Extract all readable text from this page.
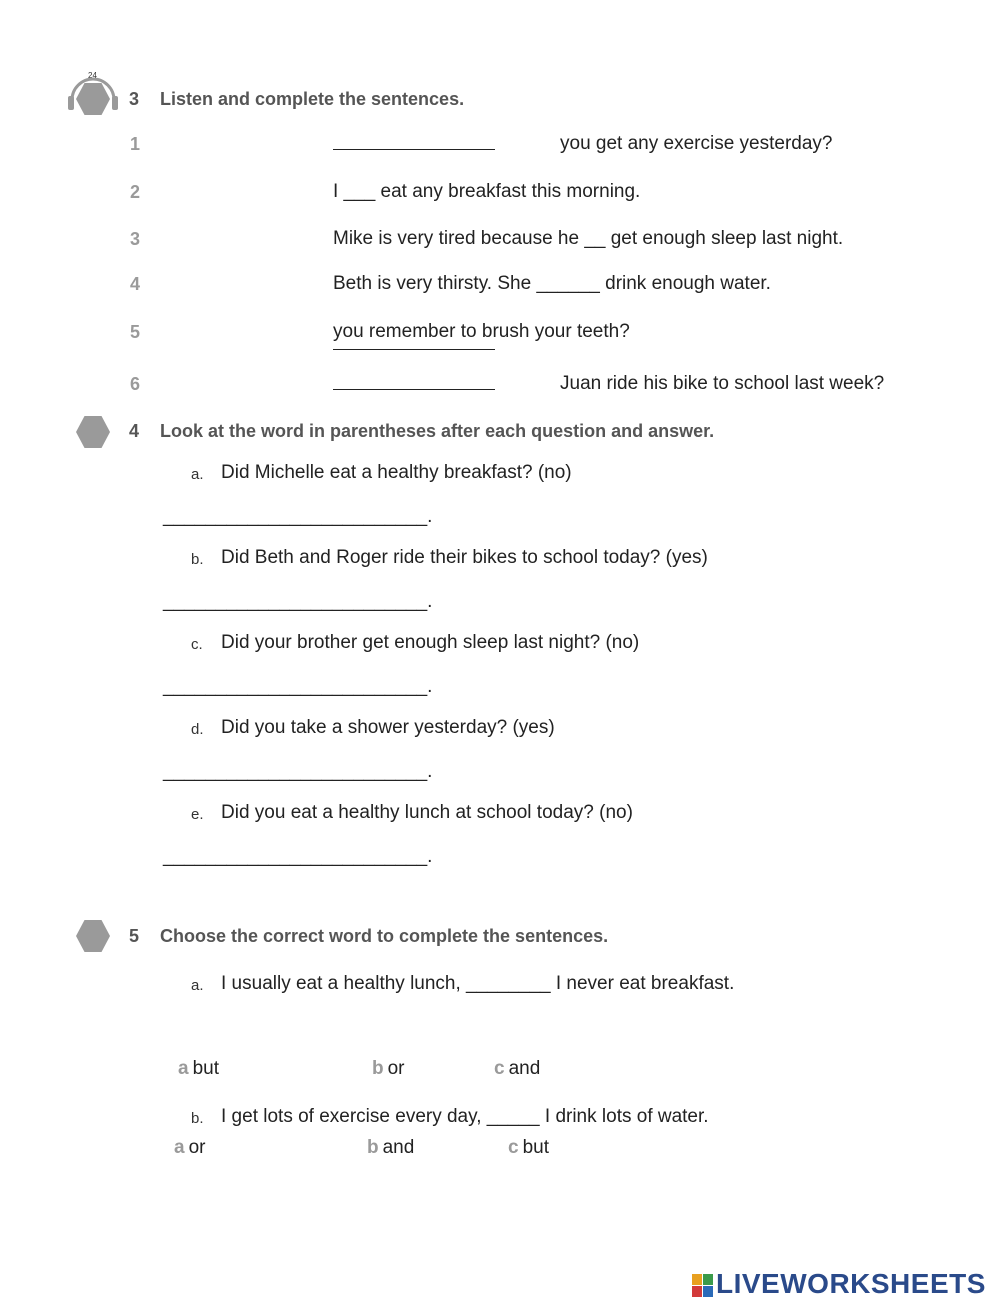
24
3 Listen and complete the sentences.
1	you get any exercise yesterday?
2	I ___ eat any breakfast this morning.
3	Mike is very tired because he __ get enough sleep last night.
4	Beth is very thirsty. She ______ drink enough water.
5	you remember to brush your teeth?
6	Juan ride his bike to school last week?
4 Look at the word in parentheses after each question and answer.
a. Did Michelle eat a healthy breakfast? (no)
_________________________.
b. Did Beth and Roger ride their bikes to school today? (yes)
_________________________.
c. Did your brother get enough sleep last night? (no)
_________________________.
d. Did you take a shower yesterday? (yes)
_________________________.
e. Did you eat a healthy lunch at school today? (no)
_________________________.
5 Choose the correct word to complete the sentences.
a. I usually eat a healthy lunch, ________ I never eat breakfast.
a but	b or	c and
b. I get lots of exercise every day, _____ I drink lots of water.
a or	b and	c but
LIVEWORKSHEETS
